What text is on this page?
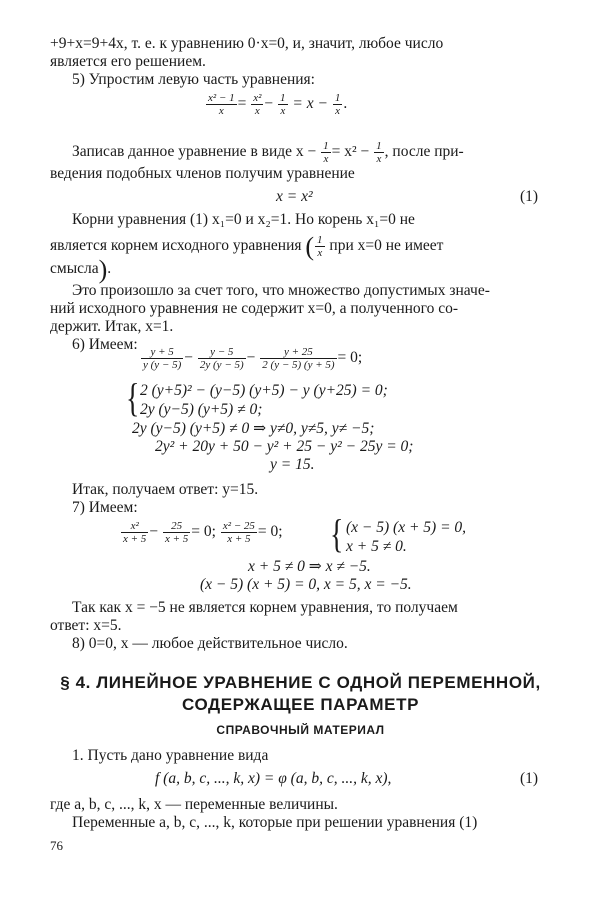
+9+x=9+4x, т. е. к уравнению 0·x=0, и, значит, любое число
является его решением.
5) Упростим левую часть уравнения:
$\frac{\text{x² − 1}}{x} = \frac{\text{x²}}{x} - \frac{1}{x} = x - \frac{1}{x}$ .
Записав данное уравнение в виде $x - \frac{1}{x} = x^2 - \frac{1}{x}$ , после при-
ведения подобных членов получим уравнение
x = x²	(1)
Корни уравнения (1) x₁=0 и x₂=1. Но корень x₁=0 не
является корнем исходного уравнения ( $\frac{1}{x}$ при x=0 не имеет
смысла).
Это произошло за счет того, что множество допустимых значе-
ний исходного уравнения не содержит x=0, а полученного со-
держит. Итак, x=1.
6) Имеем:
$\frac{y + 5}{y (y - 5)} - \frac{y - 5}{2y (y - 5)} - \frac{y + 25}{2 (y - 5) (y + 5)} = 0$;
{ 2 (y+5)² − (y−5) (y+5) − y (y+25) = 0;
2y (y−5) (y+5) ≠ 0;
2y (y−5) (y+5) ≠ 0 ⇒ y≠0, y≠5, y≠ −5;
2y² + 20y + 50 − y² + 25 − y² − 25y = 0;
y = 15.
Итак, получаем ответ: y=15.
7) Имеем:
$\frac{\text{x²}}{x + 5} - \frac{25}{x + 5} = 0$; $\frac{\text{x² − 25}}{x + 5} = 0$; { (x − 5) (x + 5) = 0,
x + 5 ≠ 0.
x + 5 ≠ 0 ⇒ x ≠ −5.
(x − 5) (x + 5) = 0, x = 5, x = −5.
Так как x = −5 не является корнем уравнения, то получаем
ответ: x=5.
8) 0=0, x — любое действительное число.
§ 4. ЛИНЕЙНОЕ УРАВНЕНИЕ С ОДНОЙ ПЕРЕМЕННОЙ,
СОДЕРЖАЩЕЕ ПАРАМЕТР
СПРАВОЧНЫЙ МАТЕРИАЛ
1. Пусть дано уравнение вида
f (a, b, c, ..., k, x) = φ (a, b, c, ..., k, x),	(1)
где a, b, c, ..., k, x — переменные величины.
Переменные a, b, c, ..., k, которые при решении уравнения (1)
76
